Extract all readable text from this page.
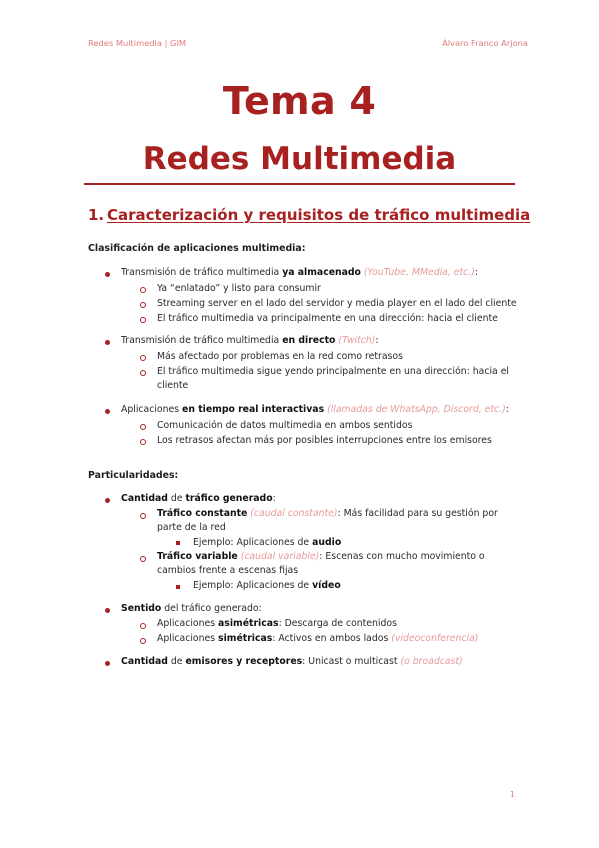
Redes Multimedia | GIM	Álvaro Franco Arjona
Tema 4
Redes Multimedia
1. Caracterización y requisitos de tráfico multimedia
Clasificación de aplicaciones multimedia:
Transmisión de tráfico multimedia ya almacenado (YouTube, MMedia, etc.):
Ya “enlatado” y listo para consumir
Streaming server en el lado del servidor y media player en el lado del cliente
El tráfico multimedia va principalmente en una dirección: hacia el cliente
Transmisión de tráfico multimedia en directo (Twitch):
Más afectado por problemas en la red como retrasos
El tráfico multimedia sigue yendo principalmente en una dirección: hacia el
cliente
Aplicaciones en tiempo real interactivas (llamadas de WhatsApp, Discord, etc.):
Comunicación de datos multimedia en ambos sentidos
Los retrasos afectan más por posibles interrupciones entre los emisores
Particularidades:
Cantidad de tráfico generado:
Tráfico constante (caudal constante): Más facilidad para su gestión por
parte de la red
Ejemplo: Aplicaciones de audio
Tráfico variable (caudal variable): Escenas con mucho movimiento o
cambios frente a escenas fijas
Ejemplo: Aplicaciones de vídeo
Sentido del tráfico generado:
Aplicaciones asimétricas: Descarga de contenidos
Aplicaciones simétricas: Activos en ambos lados (videoconferencia)
Cantidad de emisores y receptores: Unicast o multicast (o broadcast)
1
